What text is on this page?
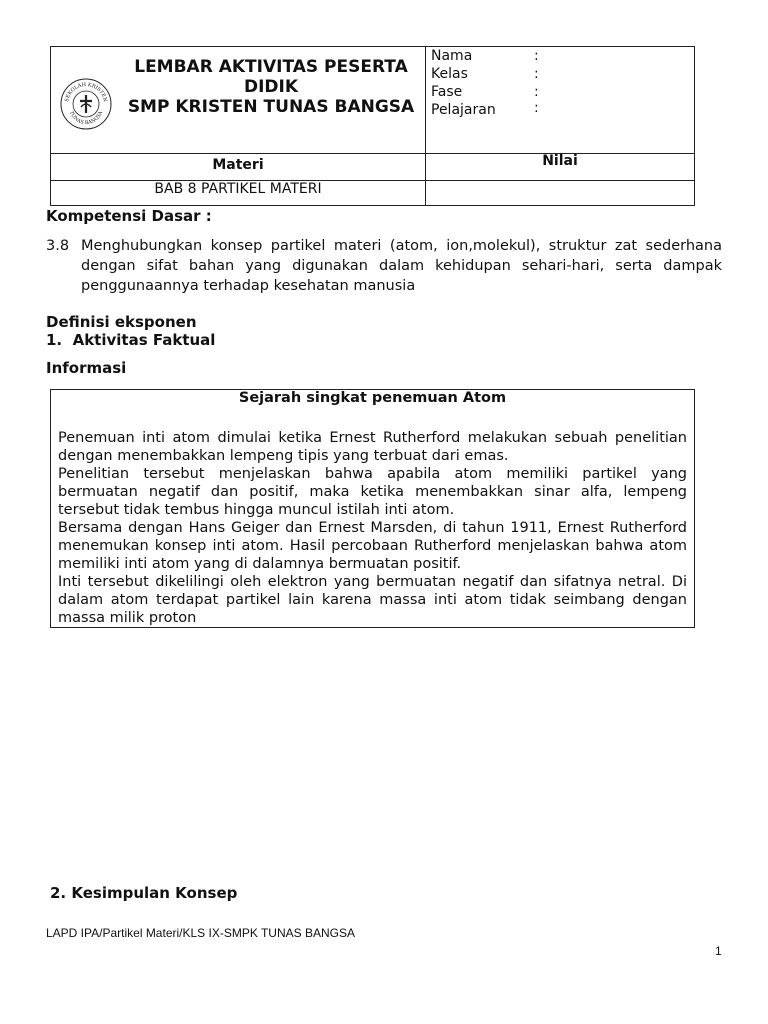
SEKOLAH KRISTEN
TUNAS BANGSA
LEMBAR AKTIVITAS PESERTA DIDIK
SMP KRISTEN TUNAS BANGSA
Nama	:
Kelas	:
Fase	:
Pelajaran	:
Materi	Nilai
BAB 8 PARTIKEL MATERI
Kompetensi Dasar :
3.8 Menghubungkan konsep partikel materi (atom, ion,molekul), struktur zat sederhana dengan sifat bahan yang digunakan dalam kehidupan sehari-hari, serta dampak penggunaannya terhadap kesehatan manusia
Definisi eksponen
1.  Aktivitas Faktual
Informasi
Sejarah singkat penemuan Atom

Penemuan inti atom dimulai ketika Ernest Rutherford melakukan sebuah penelitian dengan menembakkan lempeng tipis yang terbuat dari emas.

Penelitian tersebut menjelaskan bahwa apabila atom memiliki partikel yang bermuatan negatif dan positif, maka ketika menembakkan sinar alfa, lempeng tersebut tidak tembus hingga muncul istilah inti atom.

Bersama dengan Hans Geiger dan Ernest Marsden, di tahun 1911, Ernest Rutherford menemukan konsep inti atom. Hasil percobaan Rutherford menjelaskan bahwa atom memiliki inti atom yang di dalamnya bermuatan positif.

Inti tersebut dikelilingi oleh elektron yang bermuatan negatif dan sifatnya netral. Di dalam atom terdapat partikel lain karena massa inti atom tidak seimbang dengan massa milik proton

2. Kesimpulan Konsep
LAPD IPA/Partikel Materi/KLS IX-SMPK TUNAS BANGSA
1
